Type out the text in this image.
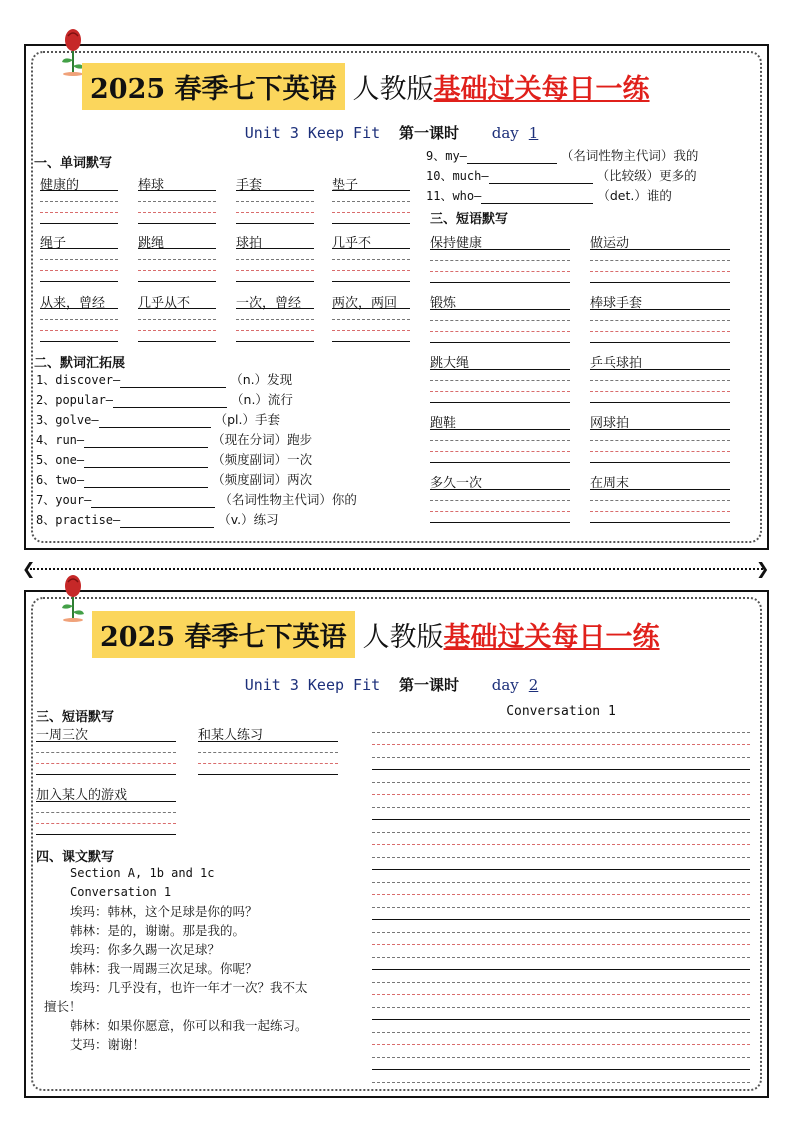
2025 春季七下英语 人教版 基础过关每日一练
Unit 3 Keep Fit 第一课时 day 1
一、单词默写
二、默词汇拓展
1、discover—	（n.）发现
2、popular—	（n.）流行
3、golve—	（pl.）手套
4、run—	（现在分词）跑步
5、one—	（频度副词）一次
6、two—	（频度副词）两次
7、your—	（名词性物主代词）你的
8、practise—	（v.）练习
9、my—	（名词性物主代词）我的
10、much—	（比较级）更多的
11、who—	（det.）谁的
三、短语默写
健康的	棒球	手套	垫子
绳子	跳绳	球拍	几乎不
从来，曾经	几乎从不	一次，曾经	两次，两回
保持健康	做运动
锻炼	棒球手套
跳大绳	乒乓球拍
跑鞋	网球拍
多久一次	在周末
❮	❯
2025 春季七下英语 人教版 基础过关每日一练
Unit 3 Keep Fit 第一课时 day 2
三、短语默写
四、课文默写
Section A, 1b and 1c
Conversation 1
埃玛：韩林，这个足球是你的吗？
韩林：是的，谢谢。那是我的。
埃玛：你多久踢一次足球？
韩林：我一周踢三次足球。你呢？
埃玛：几乎没有，也许一年才一次？我不太
擅长！
韩林：如果你愿意，你可以和我一起练习。
艾玛：谢谢！
Conversation 1
一周三次	和某人练习
加入某人的游戏
